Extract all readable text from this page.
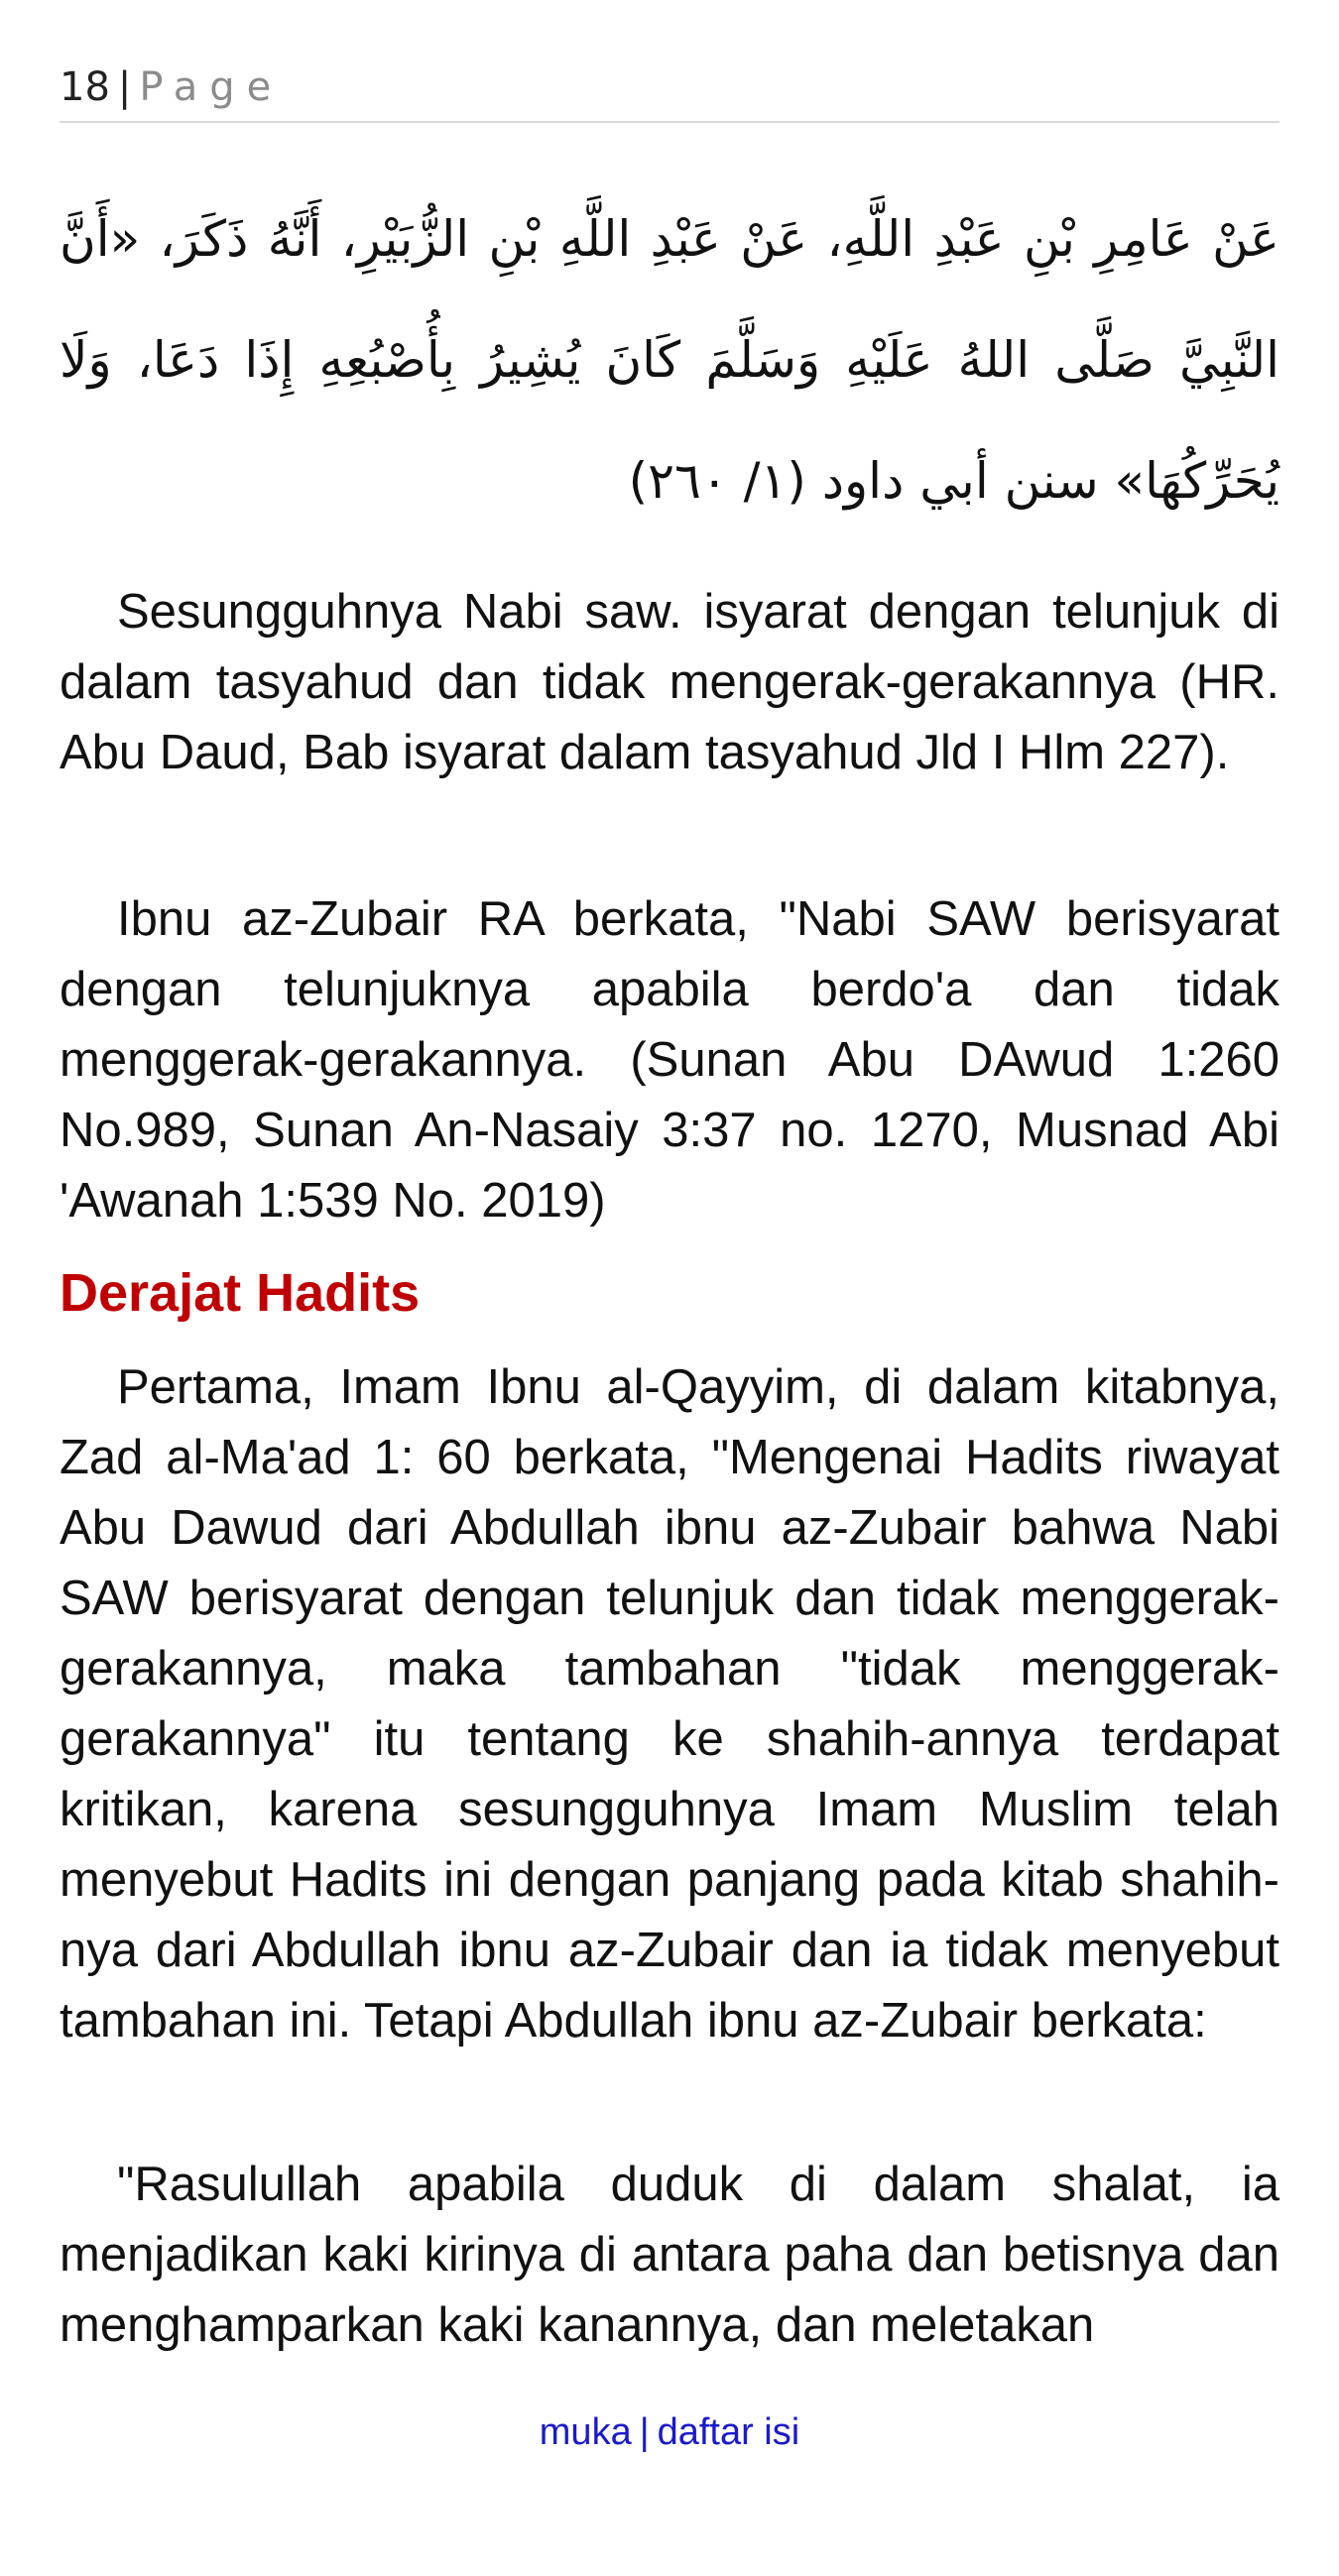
18 | Page
عَنْ عَامِرِ بْنِ عَبْدِ اللَّهِ، عَنْ عَبْدِ اللَّهِ بْنِ الزُّبَيْرِ، أَنَّهُ ذَكَرَ، «أَنَّ النَّبِيَّ صَلَّى اللهُ عَلَيْهِ وَسَلَّمَ كَانَ يُشِيرُ بِأُصْبُعِهِ إِذَا دَعَا، وَلَا يُحَرِّكُهَا» سنن أبي داود (١/ ٢٦٠)

Sesungguhnya Nabi saw. isyarat dengan telunjuk di dalam tasyahud dan tidak mengerak-gerakannya (HR. Abu Daud, Bab isyarat dalam tasyahud Jld I Hlm 227).

Ibnu az-Zubair RA berkata, "Nabi SAW berisyarat dengan telunjuknya apabila berdo'a dan tidak menggerak-gerakannya. (Sunan Abu DAwud 1:260 No.989, Sunan An-Nasaiy 3:37 no. 1270, Musnad Abi 'Awanah 1:539 No. 2019)

Derajat Hadits

Pertama, Imam Ibnu al-Qayyim, di dalam kitabnya, Zad al-Ma'ad 1: 60 berkata, "Mengenai Hadits riwayat Abu Dawud dari Abdullah ibnu az-Zubair bahwa Nabi SAW berisyarat dengan telunjuk dan tidak menggerak-gerakannya, maka tambahan "tidak menggerak-gerakannya" itu tentang ke shahih-annya terdapat kritikan, karena sesungguhnya Imam Muslim telah menyebut Hadits ini dengan panjang pada kitab shahih-nya dari Abdullah ibnu az-Zubair dan ia tidak menyebut tambahan ini. Tetapi Abdullah ibnu az-Zubair berkata:

"Rasulullah apabila duduk di dalam shalat, ia menjadikan kaki kirinya di antara paha dan betisnya dan menghamparkan kaki kanannya, dan meletakan

muka | daftar isi
